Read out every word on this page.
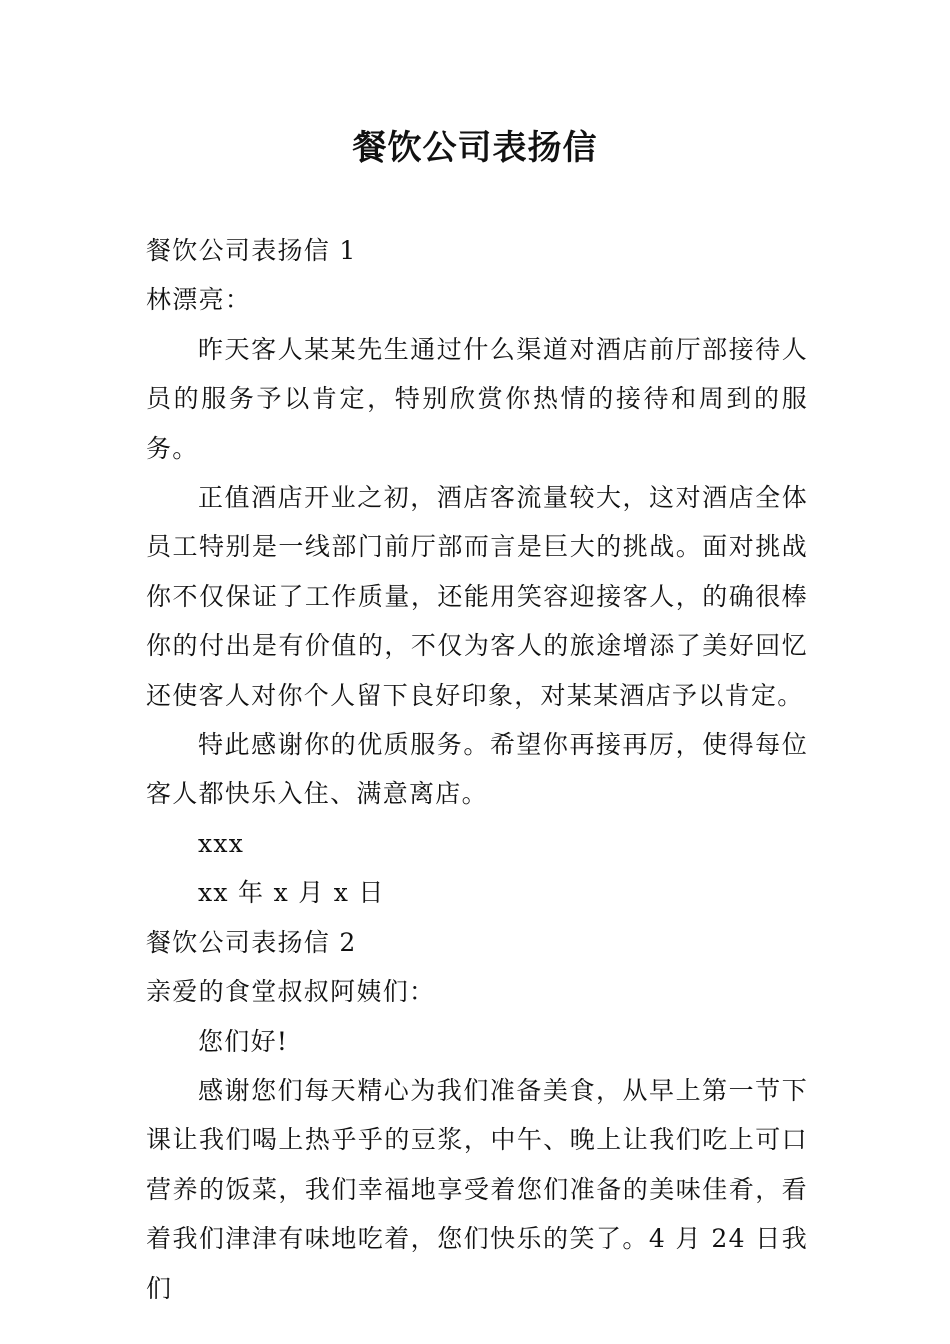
餐饮公司表扬信

餐饮公司表扬信 1

林漂亮：

昨天客人某某先生通过什么渠道对酒店前厅部接待人员的服务予以肯定，特别欣赏你热情的接待和周到的服务。

正值酒店开业之初，酒店客流量较大，这对酒店全体员工特别是一线部门前厅部而言是巨大的挑战。面对挑战你不仅保证了工作质量，还能用笑容迎接客人，的确很棒你的付出是有价值的，不仅为客人的旅途增添了美好回忆还使客人对你个人留下良好印象，对某某酒店予以肯定。

特此感谢你的优质服务。希望你再接再厉，使得每位客人都快乐入住、满意离店。

xxx

xx 年 x 月 x 日

餐饮公司表扬信 2

亲爱的食堂叔叔阿姨们：

您们好!

感谢您们每天精心为我们准备美食，从早上第一节下课让我们喝上热乎乎的豆浆，中午、晚上让我们吃上可口营养的饭菜，我们幸福地享受着您们准备的美味佳肴，看着我们津津有味地吃着，您们快乐的笑了。4 月 24 日我们
